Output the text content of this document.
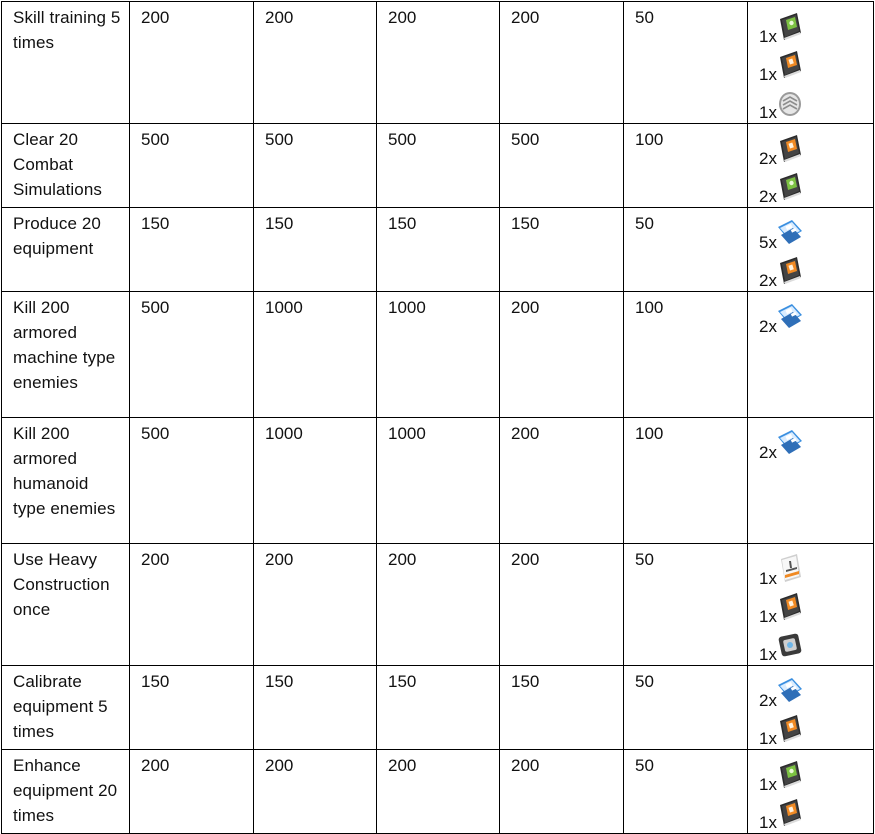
Skill training 5 times	200	200	200	200	50	1x
1x
1x

Clear 20 Combat Simulations	500	500	500	500	100	2x
2x

Produce 20 equipment	150	150	150	150	50	5x
2x

Kill 200 armored machine type enemies	500	1000	1000	200	100	2x

Kill 200 armored humanoid type enemies	500	1000	1000	200	100	2x

Use Heavy Construction once	200	200	200	200	50	1x
1x
1x

Calibrate equipment 5 times	150	150	150	150	50	2x
1x

Enhance equipment 20 times	200	200	200	200	50	1x
1x
